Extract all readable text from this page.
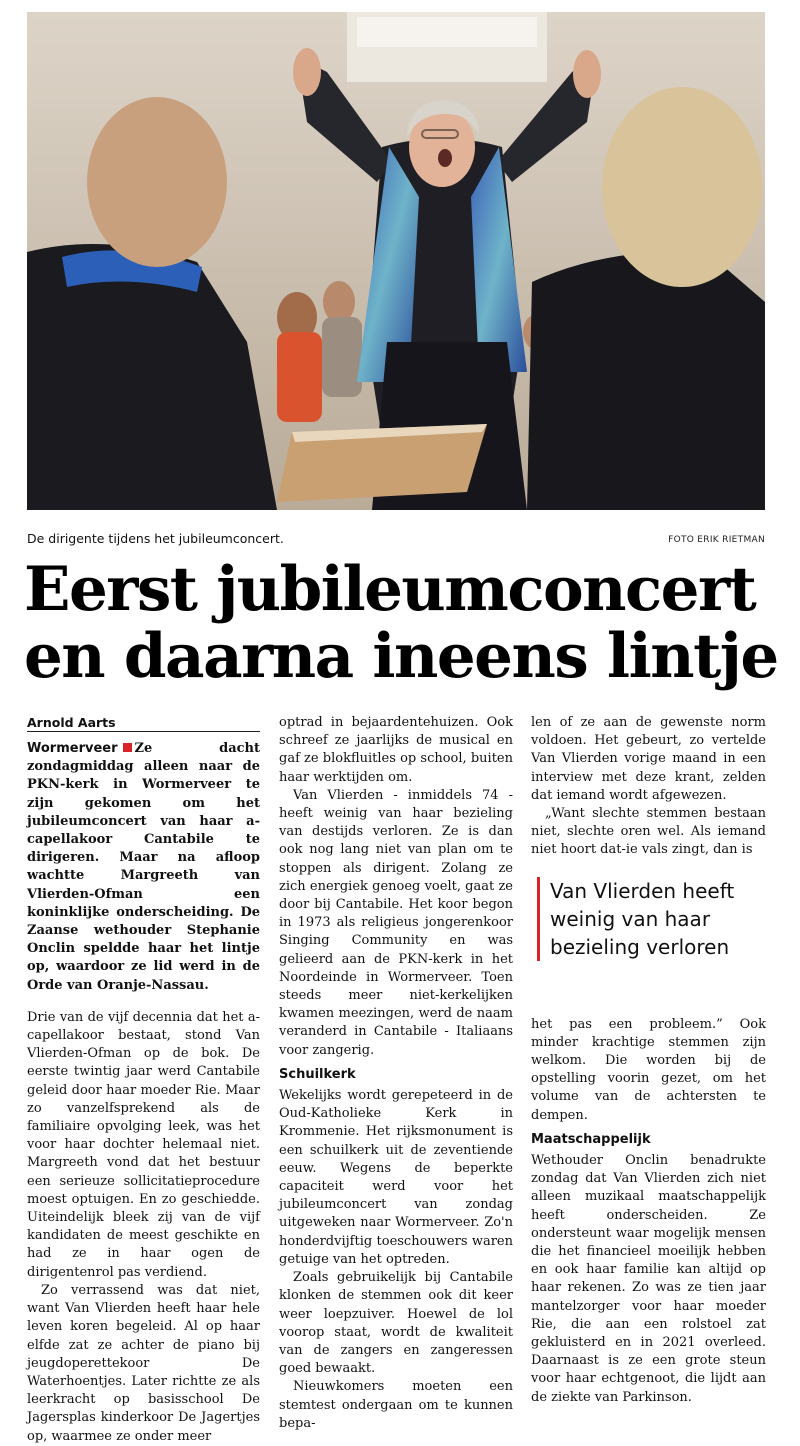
De dirigente tijdens het jubileumconcert.	FOTO ERIK RIETMAN
Eerst jubileumconcert
en daarna ineens lintje
Arnold Aarts

Wormerveer Ze dacht zondagmiddag alleen naar de PKN-kerk in Wormerveer te zijn gekomen om het jubileumconcert van haar a-capellakoor Cantabile te dirigeren. Maar na afloop wachtte Margreeth van Vlierden-Ofman een koninklijke onderscheiding. De Zaanse wethouder Stephanie Onclin speldde haar het lintje op, waardoor ze lid werd in de Orde van Oranje-Nassau.

Drie van de vijf decennia dat het a-capellakoor bestaat, stond Van Vlierden-Ofman op de bok. De eerste twintig jaar werd Cantabile geleid door haar moeder Rie. Maar zo vanzelfsprekend als de familiaire opvolging leek, was het voor haar dochter helemaal niet. Margreeth vond dat het bestuur een serieuze sollicitatieprocedure moest optuigen. En zo geschiedde. Uiteindelijk bleek zij van de vijf kandidaten de meest geschikte en had ze in haar ogen de dirigentenrol pas verdiend.

Zo verrassend was dat niet, want Van Vlierden heeft haar hele leven koren begeleid. Al op haar elfde zat ze achter de piano bij jeugdoperettekoor De Waterhoentjes. Later richtte ze als leerkracht op basisschool De Jagersplas kinderkoor De Jagertjes op, waarmee ze onder meer

optrad in bejaardentehuizen. Ook schreef ze jaarlijks de musical en gaf ze blokfluitles op school, buiten haar werktijden om.

Van Vlierden - inmiddels 74 - heeft weinig van haar bezieling van destijds verloren. Ze is dan ook nog lang niet van plan om te stoppen als dirigent. Zolang ze zich energiek genoeg voelt, gaat ze door bij Cantabile. Het koor begon in 1973 als religieus jongerenkoor Singing Community en was gelieerd aan de PKN-kerk in het Noordeinde in Wormerveer. Toen steeds meer niet-kerkelijken kwamen meezingen, werd de naam veranderd in Cantabile - Italiaans voor zangerig.

Schuilkerk

Wekelijks wordt gerepeteerd in de Oud-Katholieke Kerk in Krommenie. Het rijksmonument is een schuilkerk uit de zeventiende eeuw. Wegens de beperkte capaciteit werd voor het jubileumconcert van zondag uitgeweken naar Wormerveer. Zo'n honderdvijftig toeschouwers waren getuige van het optreden.

Zoals gebruikelijk bij Cantabile klonken de stemmen ook dit keer weer loepzuiver. Hoewel de lol voorop staat, wordt de kwaliteit van de zangers en zangeressen goed bewaakt.

Nieuwkomers moeten een stemtest ondergaan om te kunnen bepa-

len of ze aan de gewenste norm voldoen. Het gebeurt, zo vertelde Van Vlierden vorige maand in een interview met deze krant, zelden dat iemand wordt afgewezen.

„Want slechte stemmen bestaan niet, slechte oren wel. Als iemand niet hoort dat-ie vals zingt, dan is

het pas een probleem.” Ook minder krachtige stemmen zijn welkom. Die worden bij de opstelling voorin gezet, om het volume van de achtersten te dempen.

Maatschappelijk

Wethouder Onclin benadrukte zondag dat Van Vlierden zich niet alleen muzikaal maatschappelijk heeft onderscheiden. Ze ondersteunt waar mogelijk mensen die het financieel moeilijk hebben en ook haar familie kan altijd op haar rekenen. Zo was ze tien jaar mantelzorger voor haar moeder Rie, die aan een rolstoel zat gekluisterd en in 2021 overleed. Daarnaast is ze een grote steun voor haar echtgenoot, die lijdt aan de ziekte van Parkinson.

Van Vlierden heeft weinig van haar bezieling verloren
